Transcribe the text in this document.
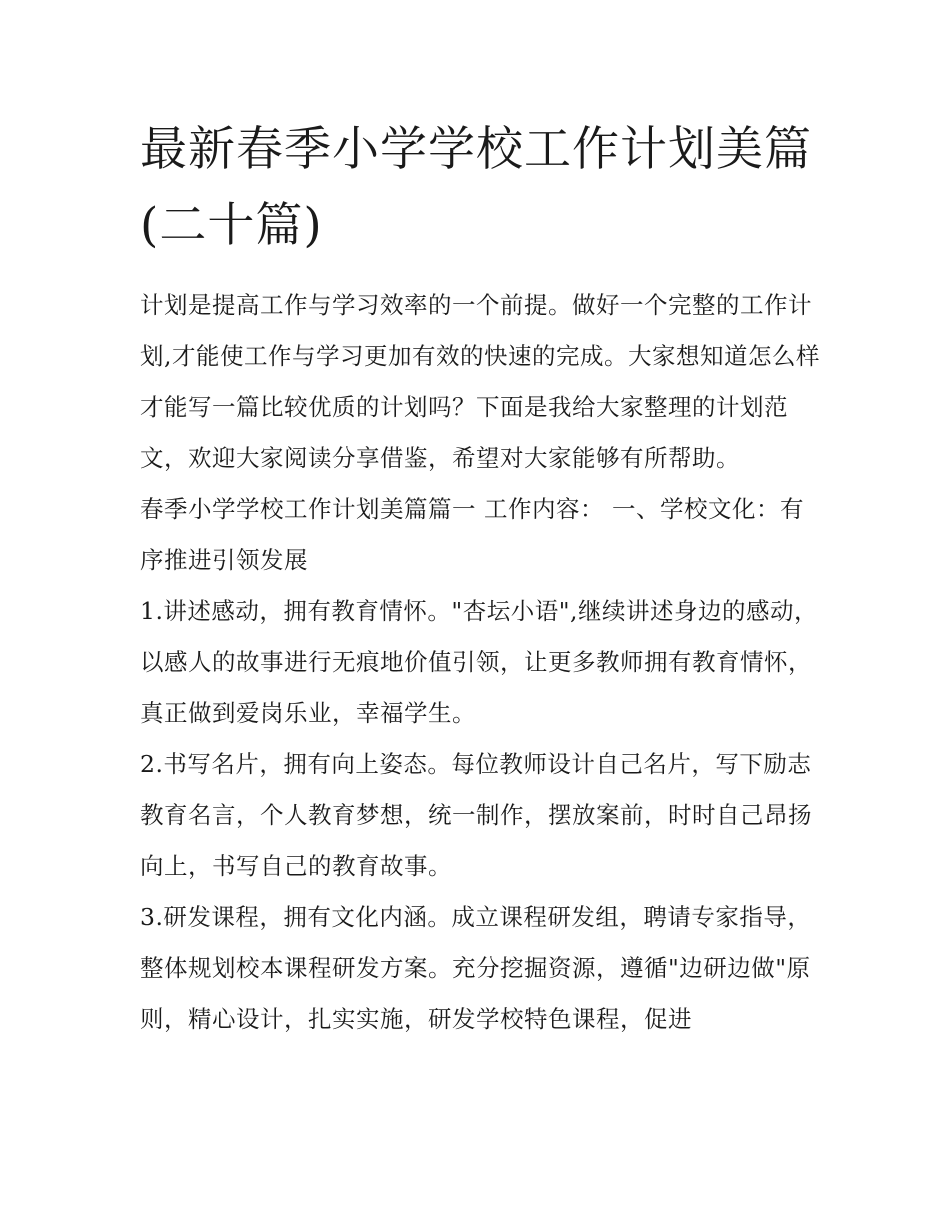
最新春季小学学校工作计划美篇(二十篇)

计划是提高工作与学习效率的一个前提。做好一个完整的工作计划,才能使工作与学习更加有效的快速的完成。大家想知道怎么样才能写一篇比较优质的计划吗？下面是我给大家整理的计划范文，欢迎大家阅读分享借鉴，希望对大家能够有所帮助。

春季小学学校工作计划美篇篇一 工作内容： 一、学校文化：有序推进引领发展

1.讲述感动，拥有教育情怀。"杏坛小语",继续讲述身边的感动，以感人的故事进行无痕地价值引领，让更多教师拥有教育情怀，真正做到爱岗乐业，幸福学生。

2.书写名片，拥有向上姿态。每位教师设计自己名片，写下励志教育名言，个人教育梦想，统一制作，摆放案前，时时自己昂扬向上，书写自己的教育故事。

3.研发课程，拥有文化内涵。成立课程研发组，聘请专家指导，整体规划校本课程研发方案。充分挖掘资源，遵循"边研边做"原则，精心设计，扎实实施，研发学校特色课程，促进
